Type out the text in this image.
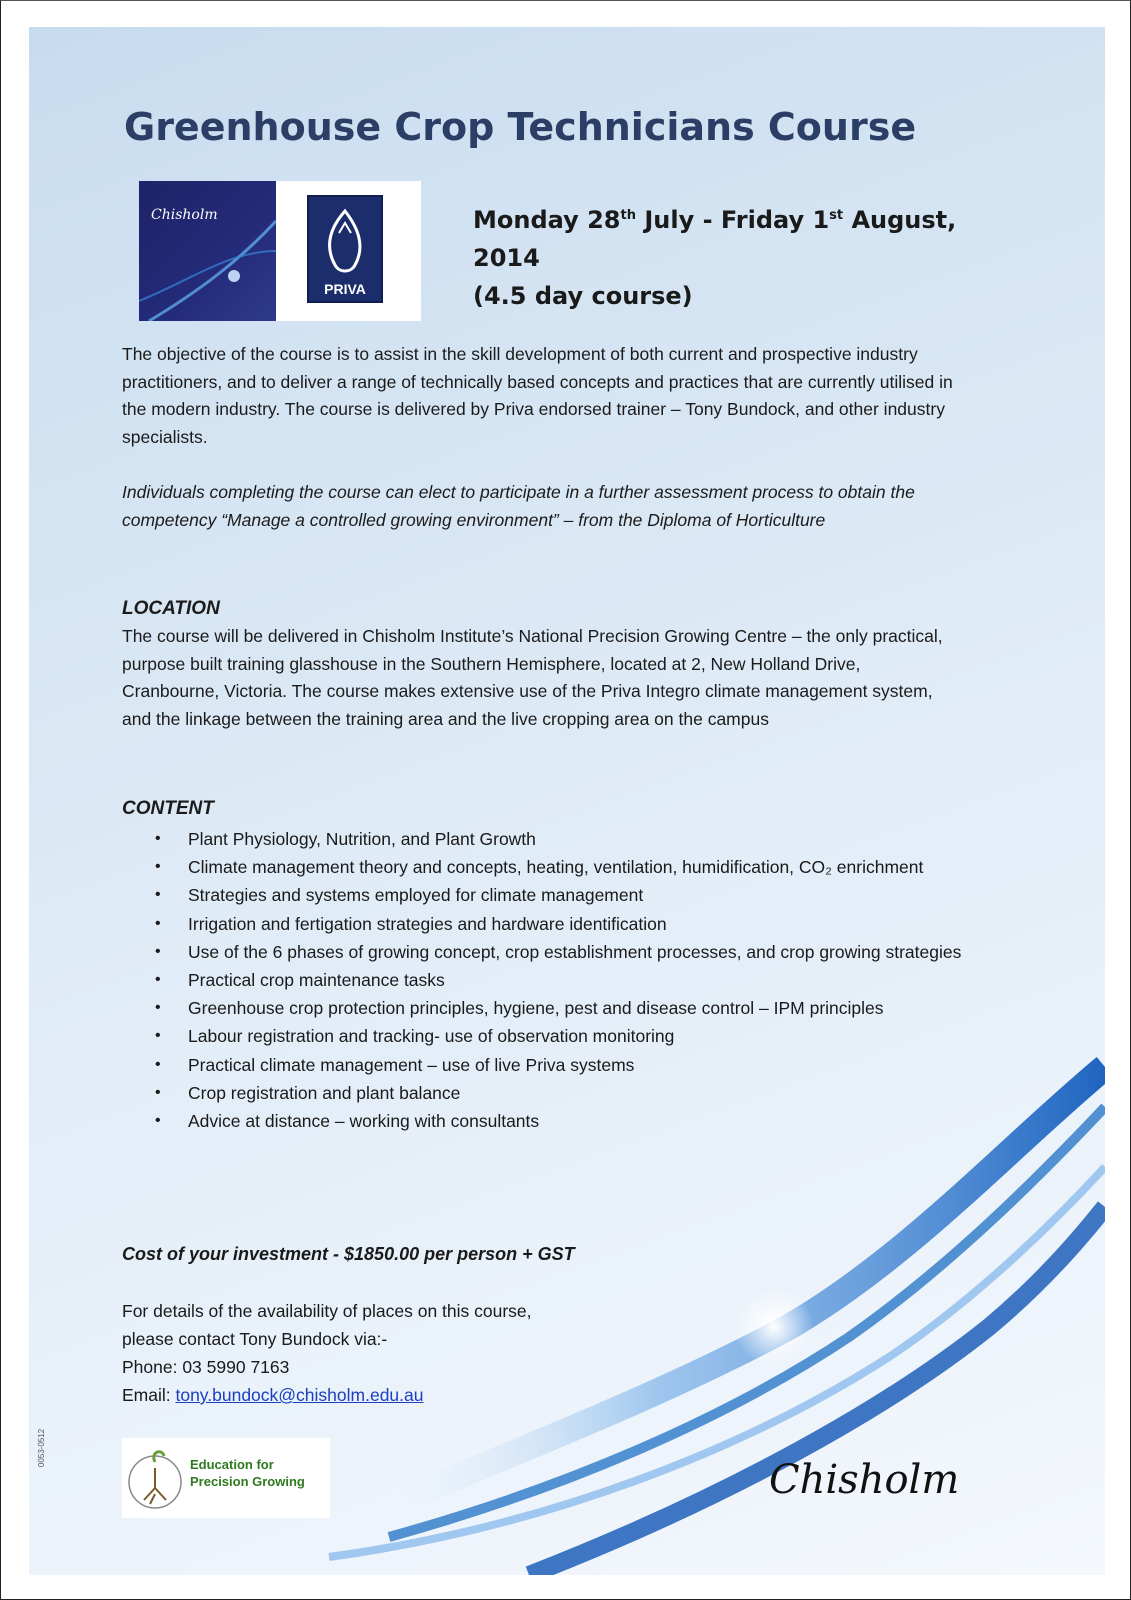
Greenhouse Crop Technicians Course
Chisholm
PRIVA
Monday 28th July - Friday 1st August,
2014
(4.5 day course)
The objective of the course is to assist in the skill development of both current and prospective industry practitioners, and to deliver a range of technically based concepts and practices that are currently utilised in the modern industry. The course is delivered by Priva endorsed trainer – Tony Bundock, and other industry specialists.
Individuals completing the course can elect to participate in a further assessment process to obtain the competency “Manage a controlled growing environment” – from the Diploma of Horticulture
LOCATION
The course will be delivered in Chisholm Institute’s National Precision Growing Centre – the only practical, purpose built training glasshouse in the Southern Hemisphere, located at 2, New Holland Drive, Cranbourne, Victoria. The course makes extensive use of the Priva Integro climate management system, and the linkage between the training area and the live cropping area on the campus
CONTENT
• Plant Physiology, Nutrition, and Plant Growth
• Climate management theory and concepts, heating, ventilation, humidification, CO₂ enrichment
• Strategies and systems employed for climate management
• Irrigation and fertigation strategies and hardware identification
• Use of the 6 phases of growing concept, crop establishment processes, and crop growing strategies
• Practical crop maintenance tasks
• Greenhouse crop protection principles, hygiene, pest and disease control – IPM principles
• Labour registration and tracking- use of observation monitoring
• Practical climate management – use of live Priva systems
• Crop registration and plant balance
• Advice at distance – working with consultants
Cost of your investment - $1850.00 per person + GST
For details of the availability of places on this course,
please contact Tony Bundock via:-
Phone: 03 5990 7163
Email: tony.bundock@chisholm.edu.au
Education for
Precision Growing	Chisholm
0053-0512
